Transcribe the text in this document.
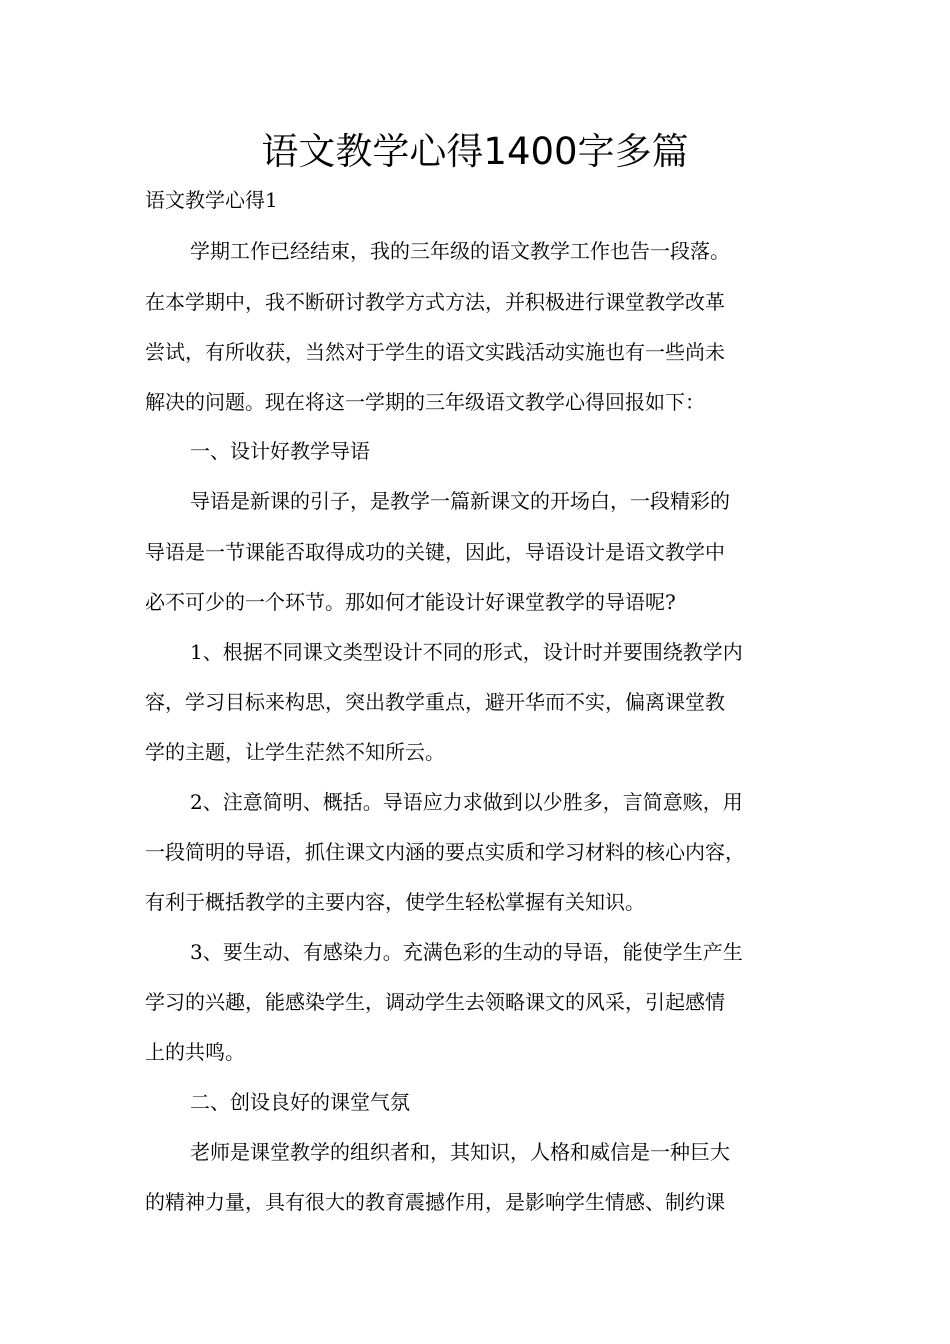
语文教学心得1400字多篇
语文教学心得1
学期工作已经结束，我的三年级的语文教学工作也告一段落。
在本学期中，我不断研讨教学方式方法，并积极进行课堂教学改革
尝试，有所收获，当然对于学生的语文实践活动实施也有一些尚未
解决的问题。现在将这一学期的三年级语文教学心得回报如下：
一、设计好教学导语
导语是新课的引子，是教学一篇新课文的开场白，一段精彩的
导语是一节课能否取得成功的关键，因此，导语设计是语文教学中
必不可少的一个环节。那如何才能设计好课堂教学的导语呢?
1、根据不同课文类型设计不同的形式，设计时并要围绕教学内
容，学习目标来构思，突出教学重点，避开华而不实，偏离课堂教
学的主题，让学生茫然不知所云。
2、注意简明、概括。导语应力求做到以少胜多，言简意赅，用
一段简明的导语，抓住课文内涵的要点实质和学习材料的核心内容，
有利于概括教学的主要内容，使学生轻松掌握有关知识。
3、要生动、有感染力。充满色彩的生动的导语，能使学生产生
学习的兴趣，能感染学生，调动学生去领略课文的风采，引起感情
上的共鸣。
二、创设良好的课堂气氛
老师是课堂教学的组织者和，其知识，人格和威信是一种巨大
的精神力量，具有很大的教育震撼作用，是影响学生情感、制约课
